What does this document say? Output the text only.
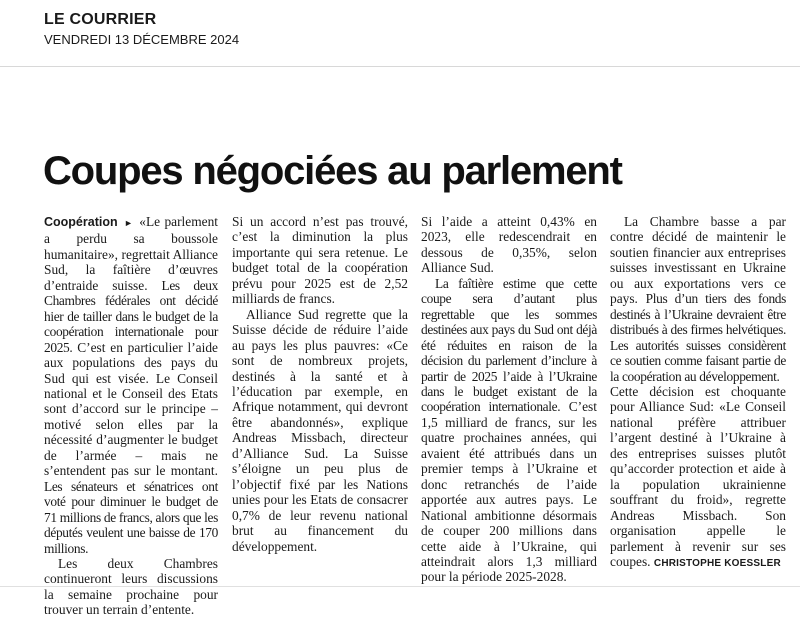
LE COURRIER
VENDREDI 13 DÉCEMBRE 2024
Coupes négociées au parlement

Coopération ► «Le parlement a perdu sa boussole humanitaire», regrettait Alliance Sud, la faîtière d’œuvres d’entraide suisse. Les deux Chambres fédérales ont décidé hier de tailler dans le budget de la coopération internationale pour 2025. C’est en particulier l’aide aux populations des pays du Sud qui est visée. Le Conseil national et le Conseil des Etats sont d’accord sur le principe – motivé selon elles par la nécessité d’augmenter le budget de l’armée – mais ne s’entendent pas sur le montant. Les sénateurs et sénatrices ont voté pour diminuer le budget de 71 millions de francs, alors que les députés veulent une baisse de 170 millions.

Les deux Chambres continueront leurs discussions la semaine prochaine pour trouver un terrain d’entente.

Si un accord n’est pas trouvé, c’est la diminution la plus importante qui sera retenue. Le budget total de la coopération prévu pour 2025 est de 2,52 milliards de francs.

Alliance Sud regrette que la Suisse décide de réduire l’aide au pays les plus pauvres: «Ce sont de nombreux projets, destinés à la santé et à l’éducation par exemple, en Afrique notamment, qui devront être abandonnés», explique Andreas Missbach, directeur d’Alliance Sud. La Suisse s’éloigne un peu plus de l’objectif fixé par les Nations unies pour les Etats de consacrer 0,7% de leur revenu national brut au financement du développement.

Si l’aide a atteint 0,43% en 2023, elle redescendrait en dessous de 0,35%, selon Alliance Sud.

La faîtière estime que cette coupe sera d’autant plus regrettable que les sommes destinées aux pays du Sud ont déjà été réduites en raison de la décision du parlement d’inclure à partir de 2025 l’aide à l’Ukraine dans le budget existant de la coopération internationale. C’est 1,5 milliard de francs, sur les quatre prochaines années, qui avaient été attribués dans un premier temps à l’Ukraine et donc retranchés de l’aide apportée aux autres pays. Le National ambitionne désormais de couper 200 millions dans cette aide à l’Ukraine, qui atteindrait alors 1,3 milliard pour la période 2025-2028.

La Chambre basse a par contre décidé de maintenir le soutien financier aux entreprises suisses investissant en Ukraine ou aux exportations vers ce pays. Plus d’un tiers des fonds destinés à l’Ukraine devraient être distribués à des firmes helvétiques. Les autorités suisses considèrent ce soutien comme faisant partie de la coopération au développement.

Cette décision est choquante pour Alliance Sud: «Le Conseil national préfère attribuer l’argent destiné à l’Ukraine à des entreprises suisses plutôt qu’accorder protection et aide à la population ukrainienne souffrant du froid», regrette Andreas Missbach. Son organisation appelle le parlement à revenir sur ses coupes. CHRISTOPHE KOESSLER
